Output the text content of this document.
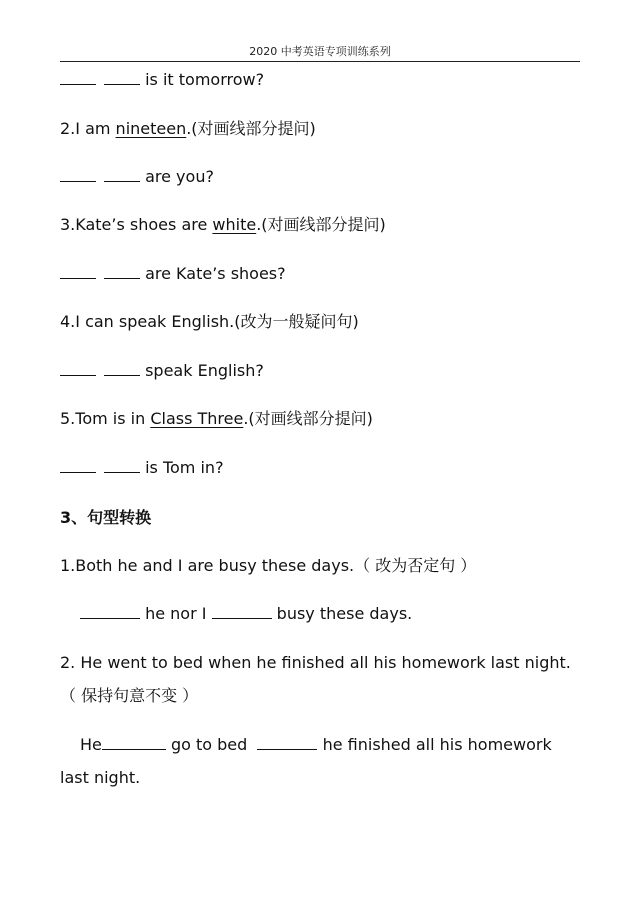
2020 中考英语专项训练系列
is it tomorrow?
2.I am nineteen.(对画线部分提问)
are you?
3.Kate’s shoes are white.(对画线部分提问)
are Kate’s shoes?
4.I can speak English.(改为一般疑问句)
speak English?
5.Tom is in Class Three.(对画线部分提问)
is Tom in?
3、句型转换
1.Both he and I are busy these days.（ 改为否定句 ）
he nor I	busy these days.
2. He went to bed when he finished all his homework last night.
（ 保持句意不变 ）
He	go to bed	he finished all his homework
last night.
